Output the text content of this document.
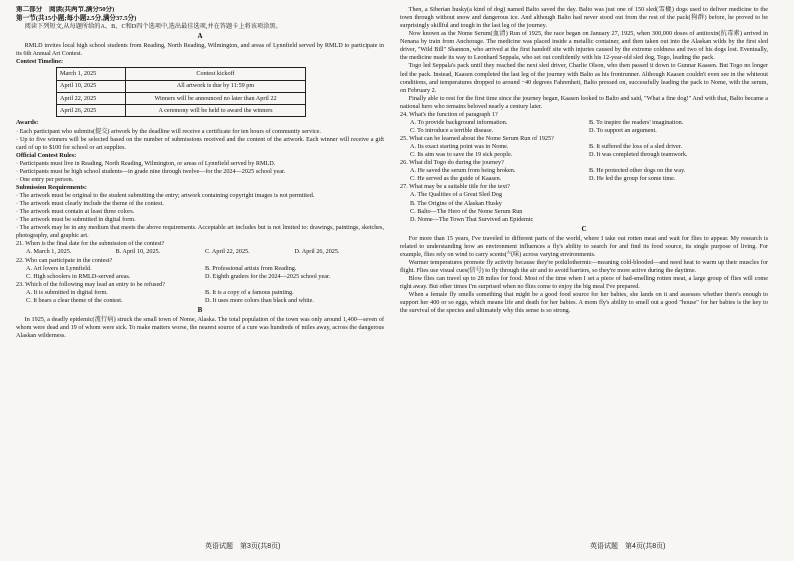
第二部分　阅读(共两节,满分50分)

第一节(共15小题;每小题2.5分,满分37.5分)

阅读下列短文,从每题所给的A、B、C和D四个选项中,选出最佳选项,并在答题卡上将该项涂黑。

A

RMLD invites local high school students from Reading, North Reading, Wilmington, and areas of Lynnfield served by RMLD to participate in its 6th Annual Art Contest.

Contest Timeline:

March 1, 2025	Contest kickoff
April 10, 2025	All artwork is due by 11:59 pm
April 22, 2025	Winners will be announced no later than April 22
April 26, 2025	A ceremony will be held to award the winners

Awards:

· Each participant who submits(提交) artwork by the deadline will receive a certificate for ten hours of community service.

· Up to five winners will be selected based on the number of submissions received and the content of the artwork. Each winner will receive a gift card of up to $100 for school or art supplies.

Official Contest Rules:

· Participants must live in Reading, North Reading, Wilmington, or areas of Lynnfield served by RMLD.

· Participants must be high school students—in grade nine through twelve—for the 2024—2025 school year.

· One entry per person.

Submission Requirements:

· The artwork must be original to the student submitting the entry; artwork containing copyright images is not permitted.

· The artwork must clearly include the theme of the contest.

· The artwork must contain at least three colors.

· The artwork must be submitted in digital form.

· The artwork may be in any medium that meets the above requirements. Acceptable art includes but is not limited to: drawings, paintings, sketches, photography, and graphic art.

21. When is the final date for the submission of the contest?

A. March 1, 2025.	B. April 10, 2025.	C. April 22, 2025.	D. April 26, 2025.

22. Who can participate in the contest?

A. Art lovers in Lynnfield.	B. Professional artists from Reading.
C. High schoolers in RMLD-served areas.	D. Eighth graders for the 2024—2025 school year.

23. Which of the following may lead an entry to be refused?

A. It is submitted in digital form.	B. It is a copy of a famous painting.
C. It bears a clear theme of the contest.	D. It uses more colors than black and white.

B

In 1925, a deadly epidemic(流行病) struck the small town of Nome, Alaska. The total population of the town was only around 1,400—seven of whom were dead and 19 of whom were sick. To make matters worse, the nearest source of a cure was hundreds of miles away, across the dangerous Alaskan wilderness.

Then, a Siberian husky(a kind of dog) named Balto saved the day. Balto was just one of 150 sled(雪橇) dogs used to deliver medicine to the town through without snow and dangerous ice. And although Balto had never stood out from the rest of the pack(狗群) before, he proved to be surprisingly skillful and tough in the last leg of the journey.

Now known as the Nome Serum(血清) Run of 1925, the race began on January 27, 1925, when 300,000 doses of antitoxin(抗毒素) arrived in Nenana by train from Anchorage. The medicine was placed inside a metallic container, and then taken out into the Alaskan wilds by the first sled driver, "Wild Bill" Shannon, who arrived at the first handoff site with injuries caused by the extreme coldness and two of his dogs lost. Eventually, the medicine made its way to Leonhard Seppala, who set out confidently with his 12-year-old sled dog, Togo, leading the pack.

Togo led Seppala's pack until they reached the next sled driver, Charlie Olson, who then passed it down to Gunnar Kaasen. But Togo no longer led the pack. Instead, Kaasen completed the last leg of the journey with Balto as his frontrunner. Although Kaasen couldn't even see in the whiteout conditions, and temperatures dropped to around −40 degrees Fahrenheit, Balto pressed on, successfully leading the pack to Nome, with the serum, on February 2.

Finally able to rest for the first time since the journey began, Kaasen looked to Balto and said, "What a fine dog!" And with that, Balto became a national hero who remains beloved nearly a century later.

24. What's the function of paragraph 1?

A. To provide background information.	B. To inspire the readers' imagination.
C. To introduce a terrible disease.	D. To support an argument.

25. What can be learned about the Nome Serum Run of 1925?

A. Its exact starting point was in Nome.	B. It suffered the loss of a sled driver.
C. Its aim was to save the 19 sick people.	D. It was completed through teamwork.

26. What did Togo do during the journey?

A. He saved the serum from being broken.	B. He protected other dogs on the way.
C. He served as the guide of Kaasen.	D. He led the group for some time.

27. What may be a suitable title for the text?

A. The Qualities of a Great Sled Dog
B. The Origins of the Alaskan Husky
C. Balto—The Hero of the Nome Serum Run
D. Nome—The Town That Survived an Epidemic

C

For more than 15 years, I've traveled to different parts of the world, where I take out rotten meat and wait for flies to appear. My research is related to understanding how an environment influences a fly's ability to search for and find its food source, its single purpose of living. For example, flies rely on wind to carry scents(气味) across varying environments.

Warmer temperatures promote fly activity because they're poikilothermic—meaning cold-blooded—and need heat to warm up their muscles for flight. Flies use visual cues(信号) to fly through the air and to avoid barriers, so they're more active during the daytime.

Blow flies can travel up to 28 miles for food. Most of the time when I set a piece of bad-smelling rotten meat, a large group of flies will come right away. But other times I'm surprised when no flies come to enjoy the big meal I've prepared.

When a female fly smells something that might be a good food source for her babies, she lands on it and assesses whether there's enough to support her 400 or so eggs, which means life and death for her babies. A mom fly's ability to smell out a good "house" for her babies is the key to the survival of the species and ultimately why this sense is so strong.

英语试题　第3页(共8页)	英语试题　第4页(共8页)
